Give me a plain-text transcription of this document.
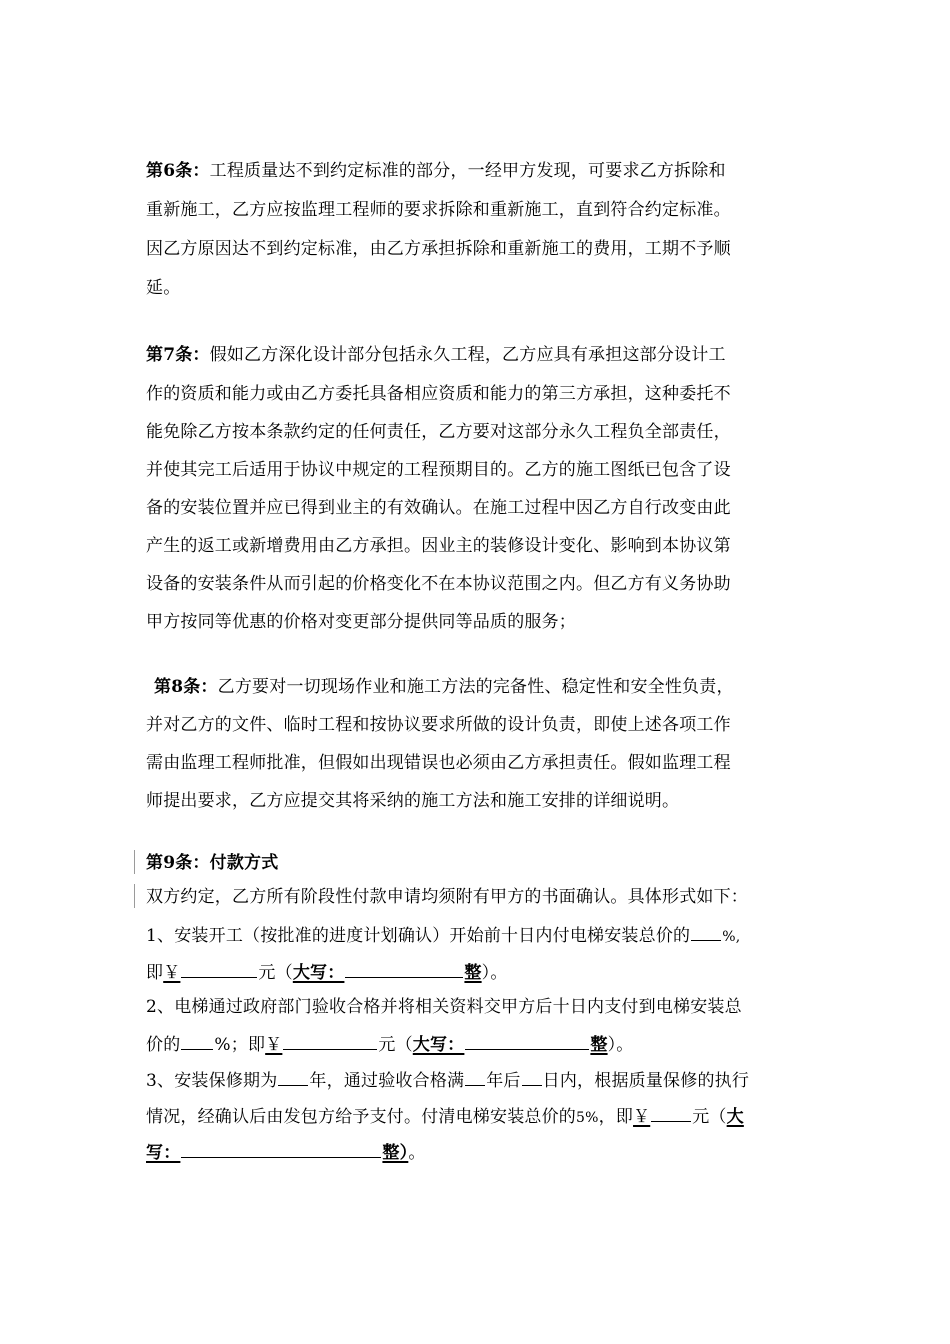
第6条：工程质量达不到约定标准的部分，一经甲方发现，可要求乙方拆除和
重新施工，乙方应按监理工程师的要求拆除和重新施工，直到符合约定标准。
因乙方原因达不到约定标准，由乙方承担拆除和重新施工的费用，工期不予顺
延。
第7条：假如乙方深化设计部分包括永久工程，乙方应具有承担这部分设计工
作的资质和能力或由乙方委托具备相应资质和能力的第三方承担，这种委托不
能免除乙方按本条款约定的任何责任，乙方要对这部分永久工程负全部责任，
并使其完工后适用于协议中规定的工程预期目的。乙方的施工图纸已包含了设
备的安装位置并应已得到业主的有效确认。在施工过程中因乙方自行改变由此
产生的返工或新增费用由乙方承担。因业主的装修设计变化、影响到本协议第
设备的安装条件从而引起的价格变化不在本协议范围之内。但乙方有义务协助
甲方按同等优惠的价格对变更部分提供同等品质的服务；
第8条：乙方要对一切现场作业和施工方法的完备性、稳定性和安全性负责，
并对乙方的文件、临时工程和按协议要求所做的设计负责，即使上述各项工作
需由监理工程师批准，但假如出现错误也必须由乙方承担责任。假如监理工程
师提出要求，乙方应提交其将采纳的施工方法和施工安排的详细说明。
第9条：付款方式
双方约定，乙方所有阶段性付款申请均须附有甲方的书面确认。具体形式如下：
1、安装开工（按批准的进度计划确认）开始前十日内付电梯安装总价的 %,
即￥	元（大写：	整）。
2、电梯通过政府部门验收合格并将相关资料交甲方后十日内支付到电梯安装总
价的 %；即￥	元（大写：	整）。
3、安装保修期为 年，通过验收合格满 年后 日内，根据质量保修的执行
情况，经确认后由发包方给予支付。付清电梯安装总价的5%，即￥ 元（大
写：	整）。
